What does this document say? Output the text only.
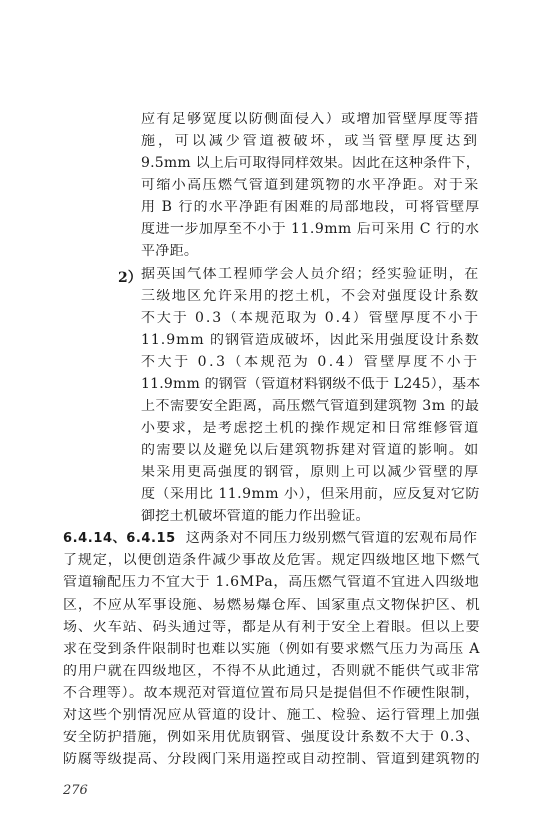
应有足够宽度以防侧面侵入）或增加管壁厚度等措
施，可以减少管道被破坏，或当管壁厚度达到
9.5mm 以上后可取得同样效果。因此在这种条件下，
可缩小高压燃气管道到建筑物的水平净距。对于采
用 B 行的水平净距有困难的局部地段，可将管壁厚
度进一步加厚至不小于 11.9mm 后可采用 C 行的水
平净距。
2） 据英国气体工程师学会人员介绍；经实验证明，在
三级地区允许采用的挖土机，不会对强度设计系数
不大于 0.3（本规范取为 0.4）管壁厚度不小于
11.9mm 的钢管造成破坏，因此采用强度设计系数
不大于 0.3（本规范为 0.4）管壁厚度不小于
11.9mm 的钢管（管道材料钢级不低于 L245），基本
上不需要安全距离，高压燃气管道到建筑物 3m 的最
小要求，是考虑挖土机的操作规定和日常维修管道
的需要以及避免以后建筑物拆建对管道的影响。如
果采用更高强度的钢管，原则上可以减少管壁的厚
度（采用比 11.9mm 小），但采用前，应反复对它防
御挖土机破坏管道的能力作出验证。
6.4.14、6.4.15 这两条对不同压力级别燃气管道的宏观布局作
了规定，以便创造条件减少事故及危害。规定四级地区地下燃气
管道输配压力不宜大于 1.6MPa，高压燃气管道不宜进入四级地
区，不应从军事设施、易燃易爆仓库、国家重点文物保护区、机
场、火车站、码头通过等，都是从有利于安全上着眼。但以上要
求在受到条件限制时也难以实施（例如有要求燃气压力为高压 A
的用户就在四级地区，不得不从此通过，否则就不能供气或非常
不合理等）。故本规范对管道位置布局只是提倡但不作硬性限制，
对这些个别情况应从管道的设计、施工、检验、运行管理上加强
安全防护措施，例如采用优质钢管、强度设计系数不大于 0.3、
防腐等级提高、分段阀门采用遥控或自动控制、管道到建筑物的
276
